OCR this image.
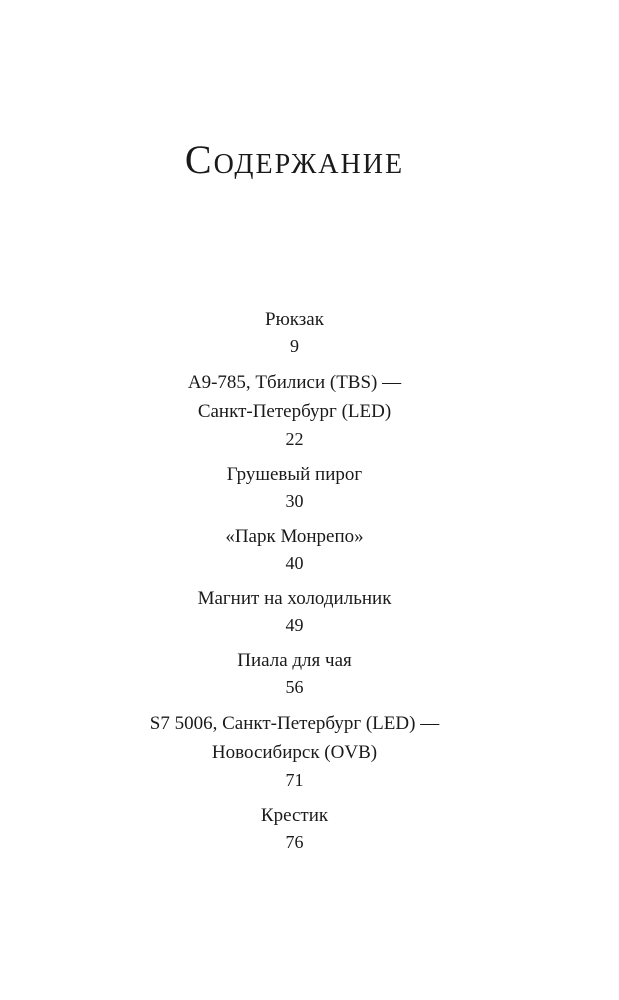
Содержание
Рюкзак
9
A9-785, Тбилиси (TBS) —
Санкт-Петербург (LED)
22
Грушевый пирог
30
«Парк Монрепо»
40
Магнит на холодильник
49
Пиала для чая
56
S7 5006, Санкт-Петербург (LED) —
Новосибирск (OVB)
71
Крестик
76
